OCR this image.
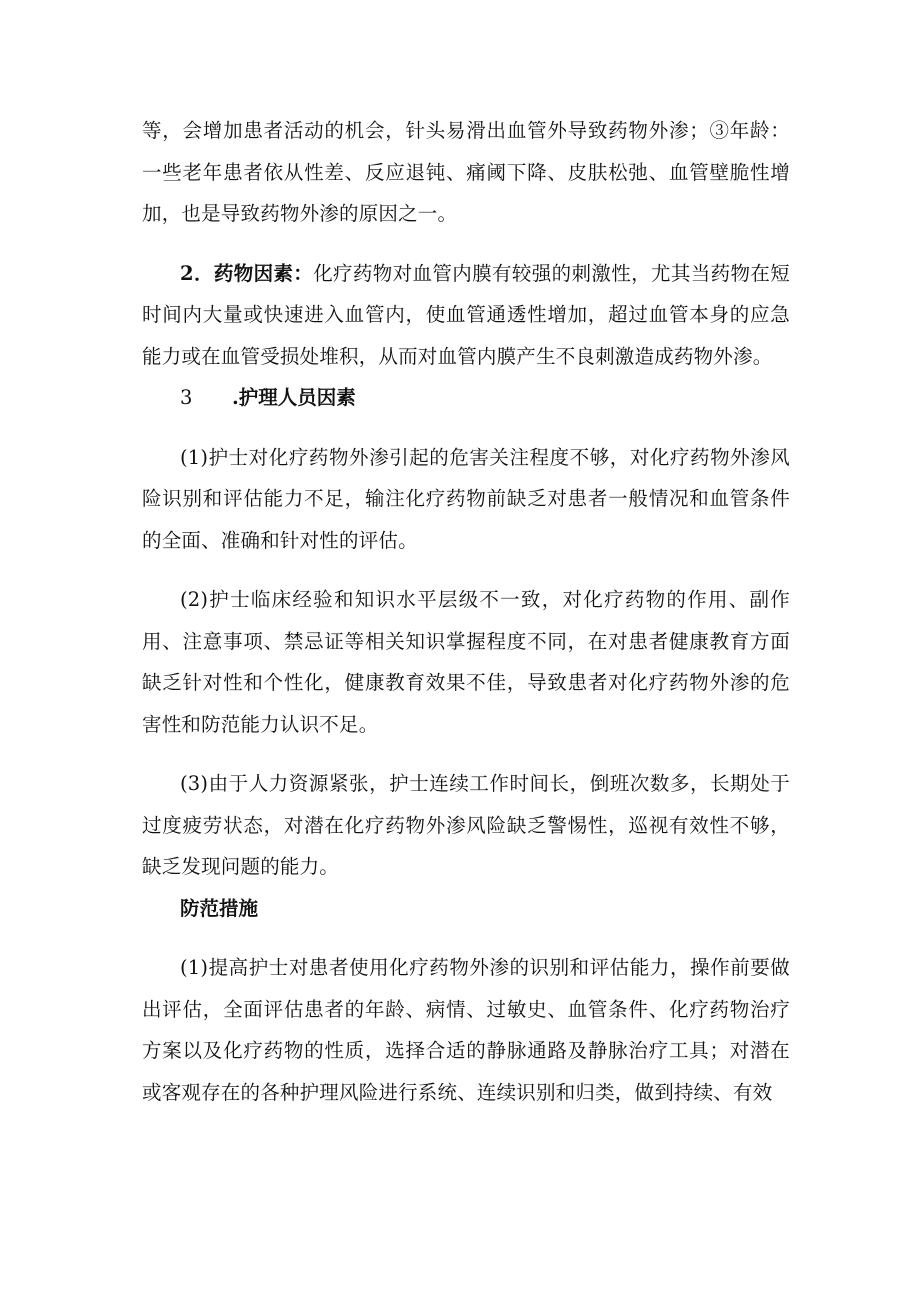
等，会增加患者活动的机会，针头易滑出血管外导致药物外渗；③年龄：一些老年患者依从性差、反应退钝、痛阈下降、皮肤松弛、血管壁脆性增加，也是导致药物外渗的原因之一。

2．药物因素：化疗药物对血管内膜有较强的刺激性，尤其当药物在短时间内大量或快速进入血管内，使血管通透性增加，超过血管本身的应急能力或在血管受损处堆积，从而对血管内膜产生不良刺激造成药物外渗。

3 .护理人员因素

(1)护士对化疗药物外渗引起的危害关注程度不够，对化疗药物外渗风险识别和评估能力不足，输注化疗药物前缺乏对患者一般情况和血管条件的全面、准确和针对性的评估。

(2)护士临床经验和知识水平层级不一致，对化疗药物的作用、副作用、注意事项、禁忌证等相关知识掌握程度不同，在对患者健康教育方面缺乏针对性和个性化，健康教育效果不佳，导致患者对化疗药物外渗的危害性和防范能力认识不足。

(3)由于人力资源紧张，护士连续工作时间长，倒班次数多，长期处于过度疲劳状态，对潜在化疗药物外渗风险缺乏警惕性，巡视有效性不够，缺乏发现问题的能力。

防范措施

(1)提高护士对患者使用化疗药物外渗的识别和评估能力，操作前要做出评估，全面评估患者的年龄、病情、过敏史、血管条件、化疗药物治疗方案以及化疗药物的性质，选择合适的静脉通路及静脉治疗工具；对潜在或客观存在的各种护理风险进行系统、连续识别和归类，做到持续、有效
